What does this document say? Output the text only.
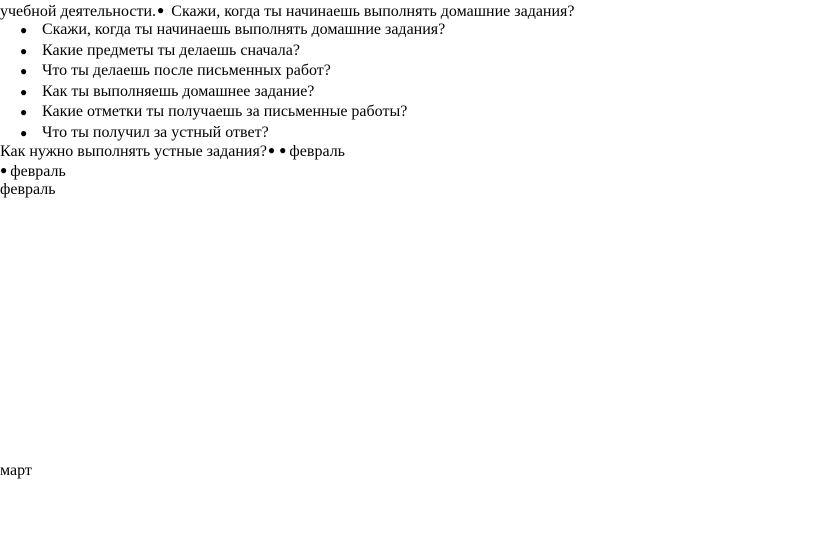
учебной деятельности.● Скажи, когда ты начинаешь выполнять домашние задания?
● Скажи, когда ты начинаешь выполнять домашние задания?
● Какие предметы ты делаешь сначала?
● Что ты делаешь после письменных работ?
● Как ты выполняешь домашнее задание?
● Какие отметки ты получаешь за письменные работы?
● Что ты получил за устный ответ?
Как нужно выполнять устные задания?● ● февраль
● февраль
февраль
март
